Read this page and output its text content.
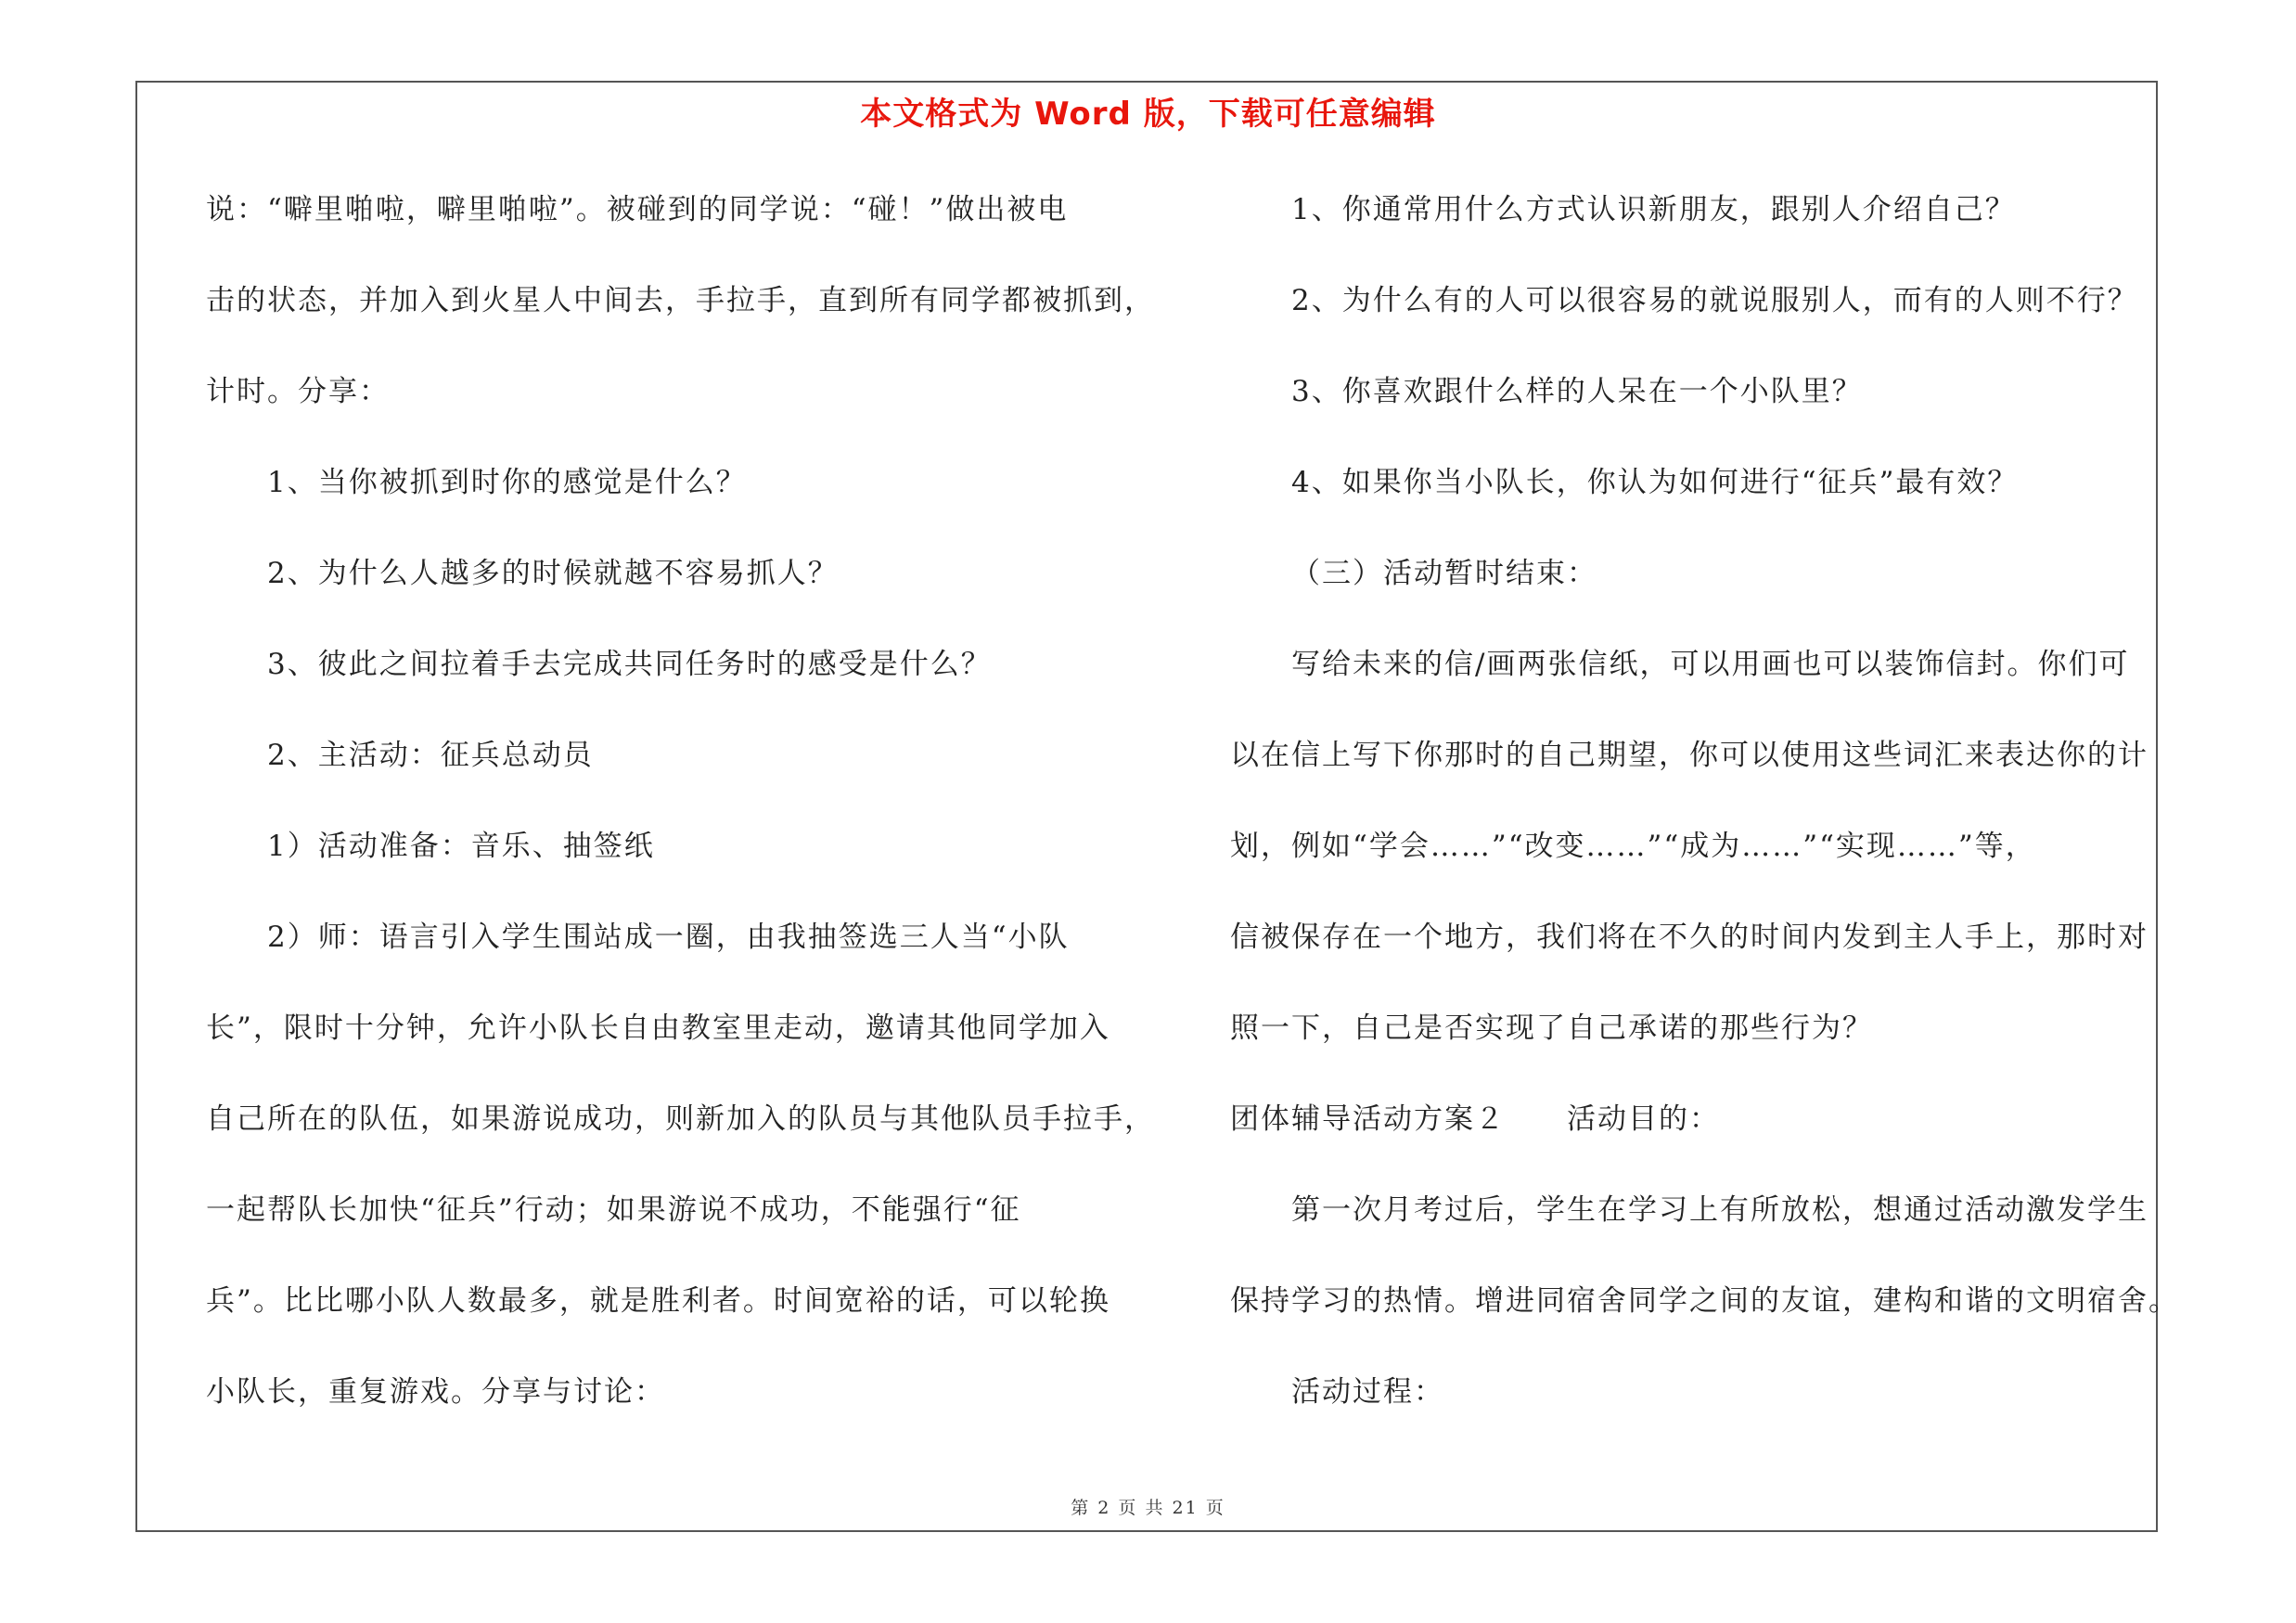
本文格式为 Word 版，下载可任意编辑
说：“噼里啪啦，噼里啪啦”。被碰到的同学说：“碰！”做出被电
击的状态，并加入到火星人中间去，手拉手，直到所有同学都被抓到，
计时。分享：
1、当你被抓到时你的感觉是什么？
2、为什么人越多的时候就越不容易抓人？
3、彼此之间拉着手去完成共同任务时的感受是什么？
2、主活动：征兵总动员
1）活动准备：音乐、抽签纸
2）师：语言引入学生围站成一圈，由我抽签选三人当“小队
长”，限时十分钟，允许小队长自由教室里走动，邀请其他同学加入
自己所在的队伍，如果游说成功，则新加入的队员与其他队员手拉手，
一起帮队长加快“征兵”行动；如果游说不成功，不能强行“征
兵”。比比哪小队人数最多，就是胜利者。时间宽裕的话，可以轮换
小队长，重复游戏。分享与讨论：
1、你通常用什么方式认识新朋友，跟别人介绍自己？
2、为什么有的人可以很容易的就说服别人，而有的人则不行？
3、你喜欢跟什么样的人呆在一个小队里？
4、如果你当小队长，你认为如何进行“征兵”最有效？
（三）活动暂时结束：
写给未来的信/画两张信纸，可以用画也可以装饰信封。你们可
以在信上写下你那时的自己期望，你可以使用这些词汇来表达你的计
划，例如“学会……”“改变……”“成为……”“实现……”等，
信被保存在一个地方，我们将在不久的时间内发到主人手上，那时对
照一下，自己是否实现了自己承诺的那些行为？
团体辅导活动方案２　　活动目的：
第一次月考过后，学生在学习上有所放松，想通过活动激发学生
保持学习的热情。增进同宿舍同学之间的友谊，建构和谐的文明宿舍。
活动过程：
第 2 页 共 21 页
